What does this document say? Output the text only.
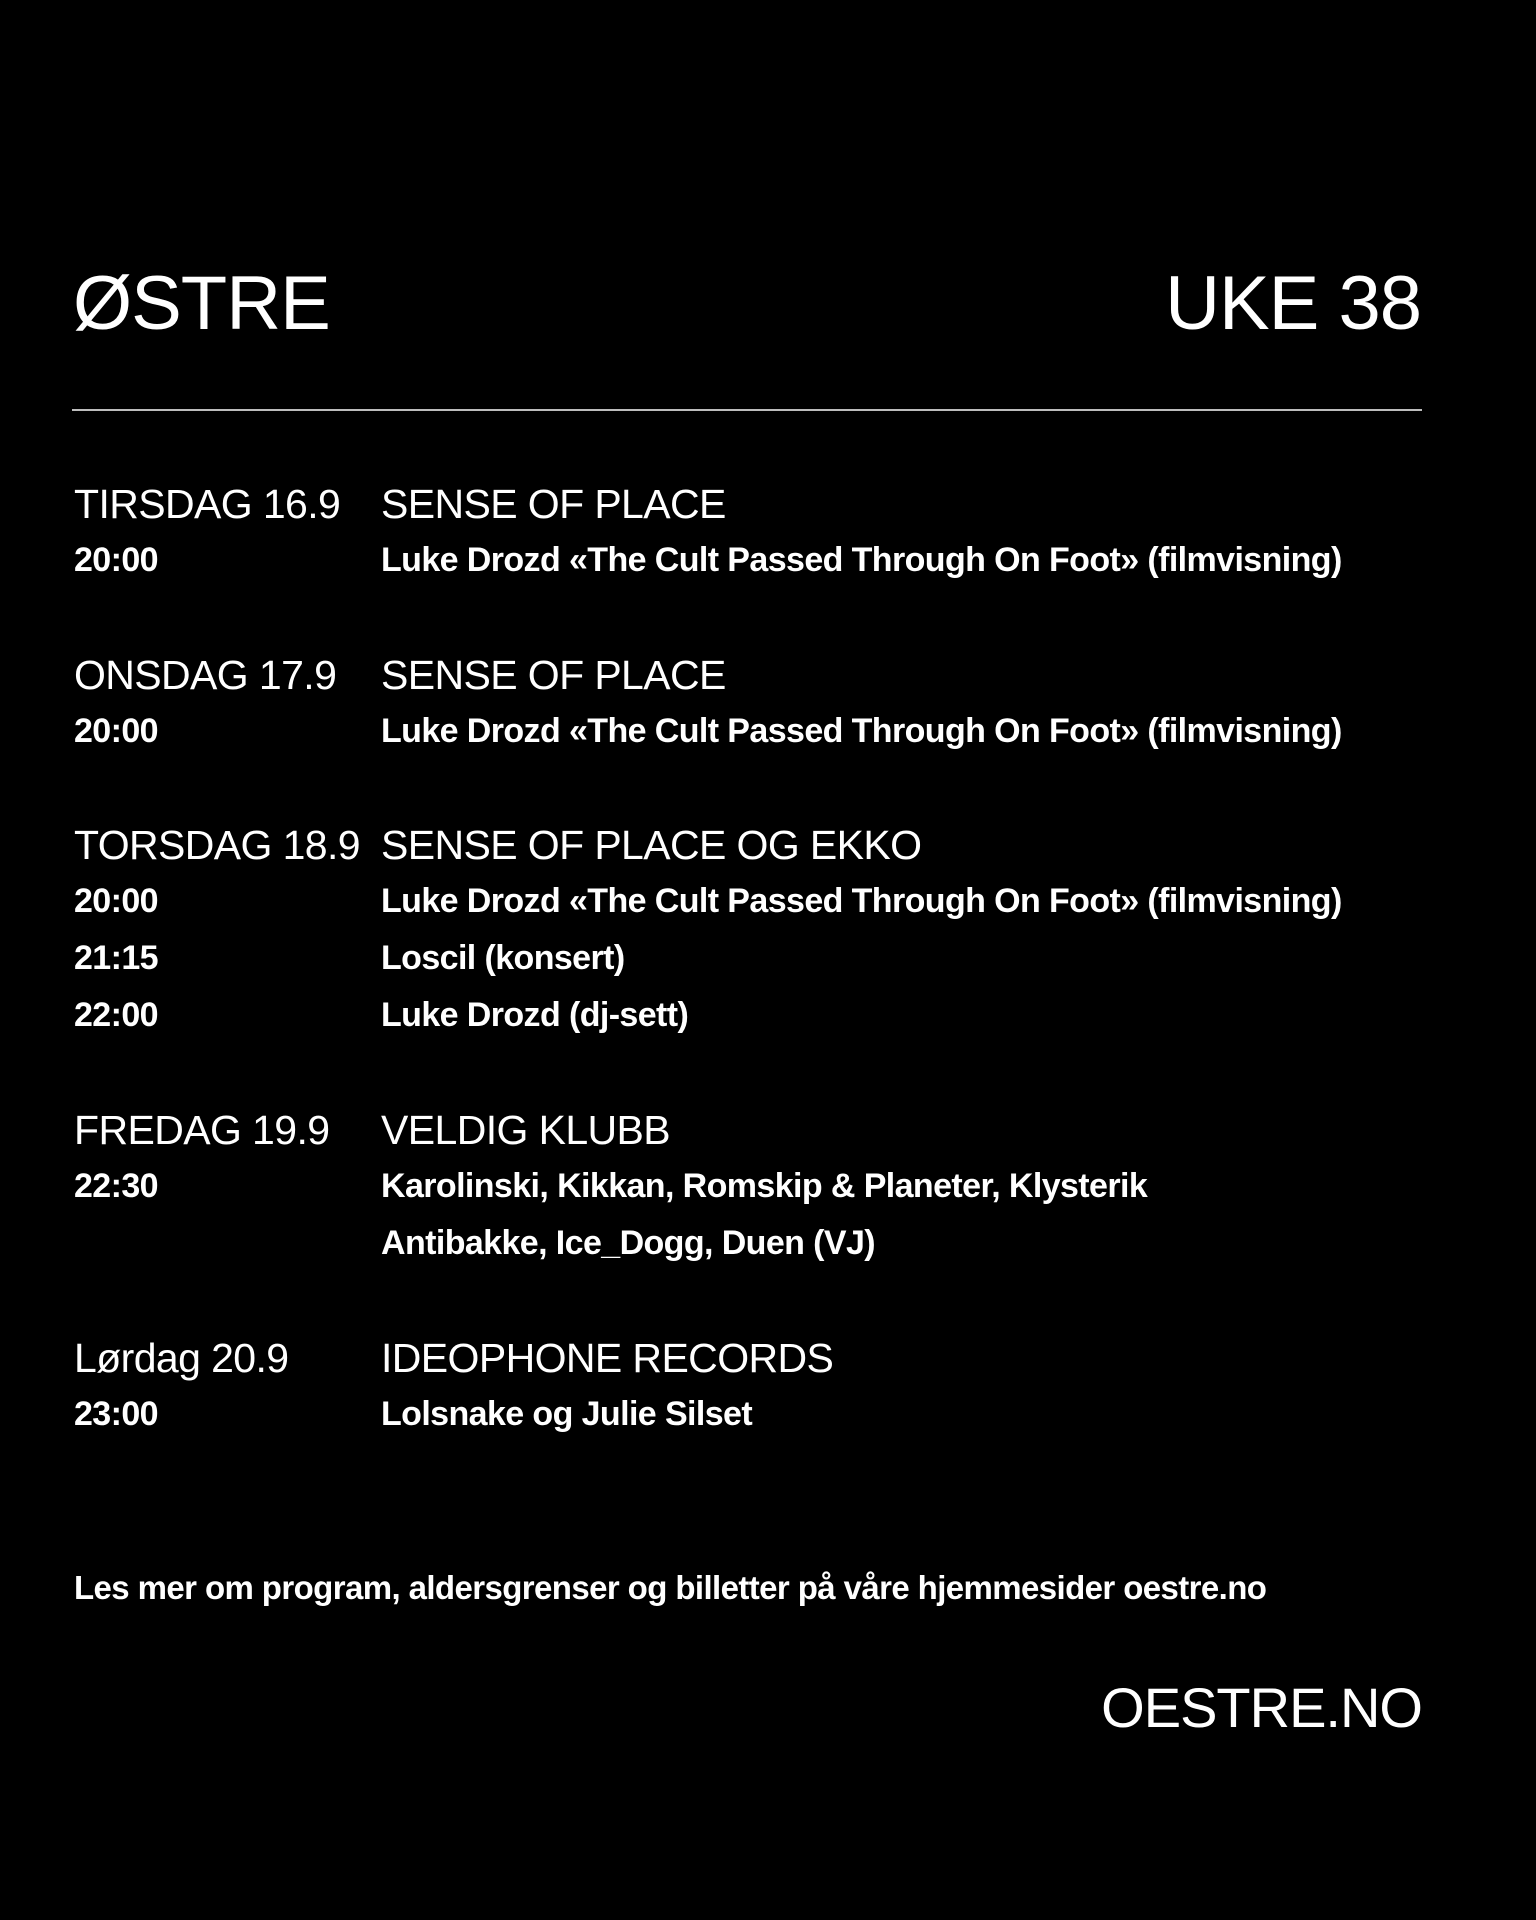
ØSTRE	UKE 38
TIRSDAG 16.9 SENSE OF PLACE
20:00	Luke Drozd «The Cult Passed Through On Foot» (filmvisning)
ONSDAG 17.9 SENSE OF PLACE
20:00	Luke Drozd «The Cult Passed Through On Foot» (filmvisning)
TORSDAG 18.9 SENSE OF PLACE OG EKKO
20:00	Luke Drozd «The Cult Passed Through On Foot» (filmvisning)
21:15	Loscil (konsert)
22:00	Luke Drozd (dj-sett)
FREDAG 19.9 VELDIG KLUBB
22:30	Karolinski, Kikkan, Romskip & Planeter, Klysterik
Antibakke, Ice_Dogg, Duen (VJ)
Lørdag 20.9 IDEOPHONE RECORDS
23:00	Lolsnake og Julie Silset
Les mer om program, aldersgrenser og billetter på våre hjemmesider oestre.no
OESTRE.NO
